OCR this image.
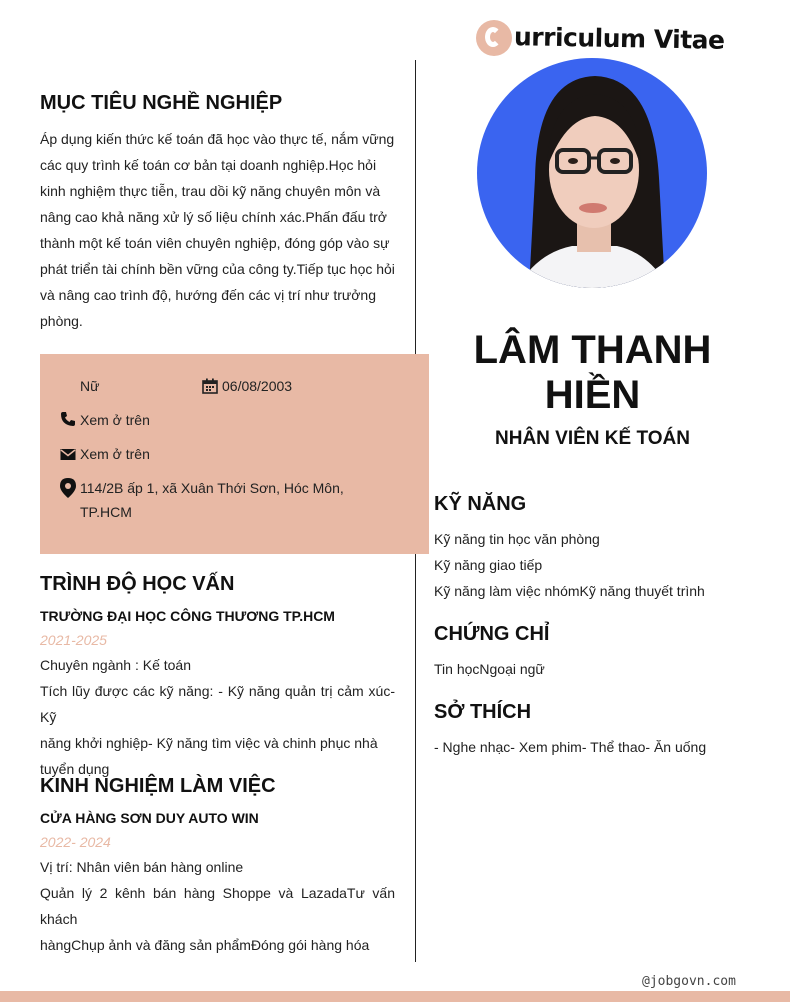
urriculum Vitae
MỤC TIÊU NGHỀ NGHIỆP
Áp dụng kiến thức kế toán đã học vào thực tế, nắm vững
các quy trình kế toán cơ bản tại doanh nghiệp.Học hỏi
kinh nghiệm thực tiễn, trau dồi kỹ năng chuyên môn và
nâng cao khả năng xử lý số liệu chính xác.Phấn đấu trở
thành một kế toán viên chuyên nghiệp, đóng góp vào sự
phát triển tài chính bền vững của công ty.Tiếp tục học hỏi
và nâng cao trình độ, hướng đến các vị trí như trưởng
phòng.
Nữ	06/08/2003
Xem ở trên
Xem ở trên
114/2B ấp 1, xã Xuân Thới Sơn, Hóc Môn,
TP.HCM
TRÌNH ĐỘ HỌC VẤN
TRƯỜNG ĐẠI HỌC CÔNG THƯƠNG TP.HCM
2021-2025
Chuyên ngành : Kế toán
Tích lũy được các kỹ năng: - Kỹ năng quản trị cảm xúc- Kỹ
năng khởi nghiệp- Kỹ năng tìm việc và chinh phục nhà
tuyển dụng
KINH NGHIỆM LÀM VIỆC
CỬA HÀNG SƠN DUY AUTO WIN
2022- 2024
Vị trí: Nhân viên bán hàng online
Quản lý 2 kênh bán hàng Shoppe và LazadaTư vấn khách
hàngChụp ảnh và đăng sản phẩmĐóng gói hàng hóa
LÂM THANH
HIỀN
NHÂN VIÊN KẾ TOÁN
KỸ NĂNG
Kỹ năng tin học văn phòng
Kỹ năng giao tiếp
Kỹ năng làm việc nhómKỹ năng thuyết trình
CHỨNG CHỈ
Tin họcNgoại ngữ
SỞ THÍCH
- Nghe nhạc- Xem phim- Thể thao- Ăn uống
@jobgovn.com
